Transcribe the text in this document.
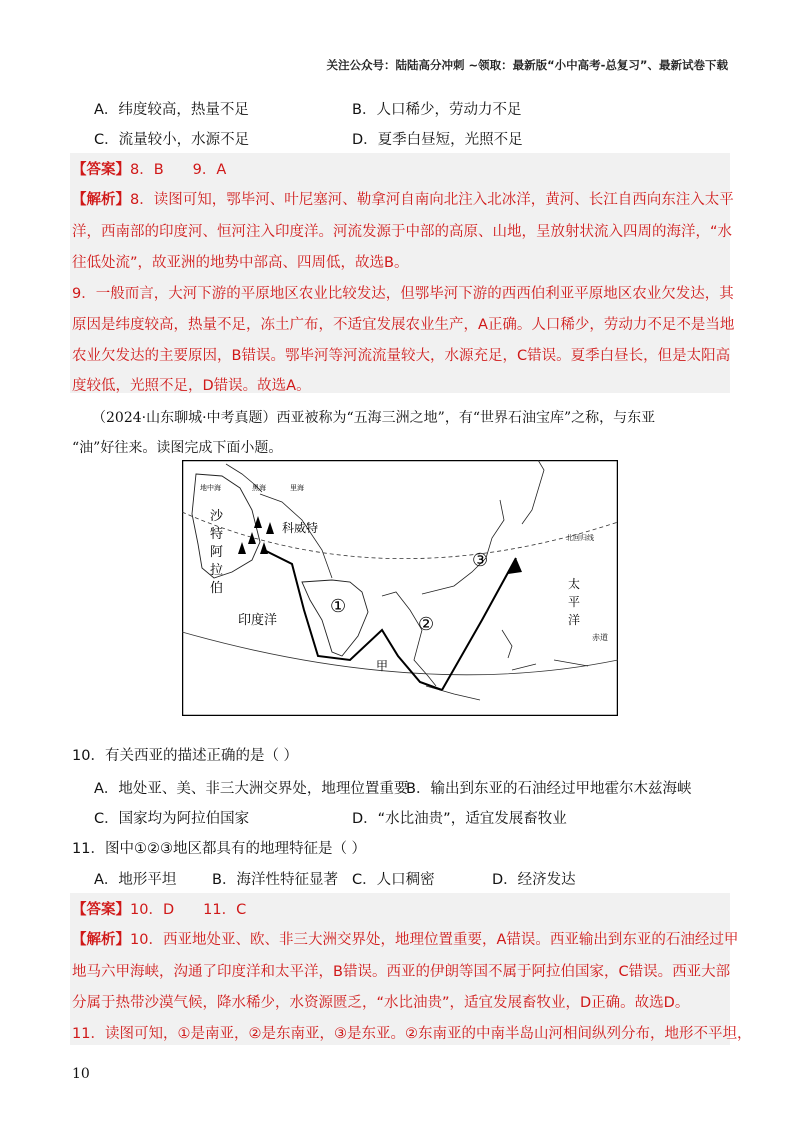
关注公众号：陆陆高分冲刺 ~领取：最新版“小中高考-总复习”、最新试卷下载
A．纬度较高，热量不足	B．人口稀少，劳动力不足
C．流量较小，水源不足	D．夏季白昼短，光照不足
【答案】8．B　　9．A
【解析】8．读图可知，鄂毕河、叶尼塞河、勒拿河自南向北注入北冰洋，黄河、长江自西向东注入太平
洋，西南部的印度河、恒河注入印度洋。河流发源于中部的高原、山地，呈放射状流入四周的海洋，“水
往低处流”，故亚洲的地势中部高、四周低，故选B。
9．一般而言，大河下游的平原地区农业比较发达，但鄂毕河下游的西西伯利亚平原地区农业欠发达，其
原因是纬度较高，热量不足，冻土广布，不适宜发展农业生产，A正确。人口稀少，劳动力不足不是当地
农业欠发达的主要原因，B错误。鄂毕河等河流流量较大，水源充足，C错误。夏季白昼长，但是太阳高
度较低，光照不足，D错误。故选A。
（2024·山东聊城·中考真题）西亚被称为“五海三洲之地”，有“世界石油宝库”之称，与东亚
“油”好往来。读图完成下面小题。
地中海	黑海	里海
沙
特
阿
拉
伯
科威特
①
②
③
印度洋
太
平
洋
北回归线
赤道
甲
10．有关西亚的描述正确的是（ ）
A．地处亚、美、非三大洲交界处，地理位置重要
B．输出到东亚的石油经过甲地霍尔木兹海峡
C．国家均为阿拉伯国家	D．“水比油贵”，适宜发展畜牧业
11．图中①②③地区都具有的地理特征是（ ）
A．地形平坦 B．海洋性特征显著 C．人口稠密	D．经济发达
【答案】10．D　　11．C
【解析】10．西亚地处亚、欧、非三大洲交界处，地理位置重要，A错误。西亚输出到东亚的石油经过甲
地马六甲海峡，沟通了印度洋和太平洋，B错误。西亚的伊朗等国不属于阿拉伯国家，C错误。西亚大部
分属于热带沙漠气候，降水稀少，水资源匮乏，“水比油贵”，适宜发展畜牧业，D正确。故选D。
11．读图可知，①是南亚，②是东南亚，③是东亚。②东南亚的中南半岛山河相间纵列分布，地形不平坦，
10
